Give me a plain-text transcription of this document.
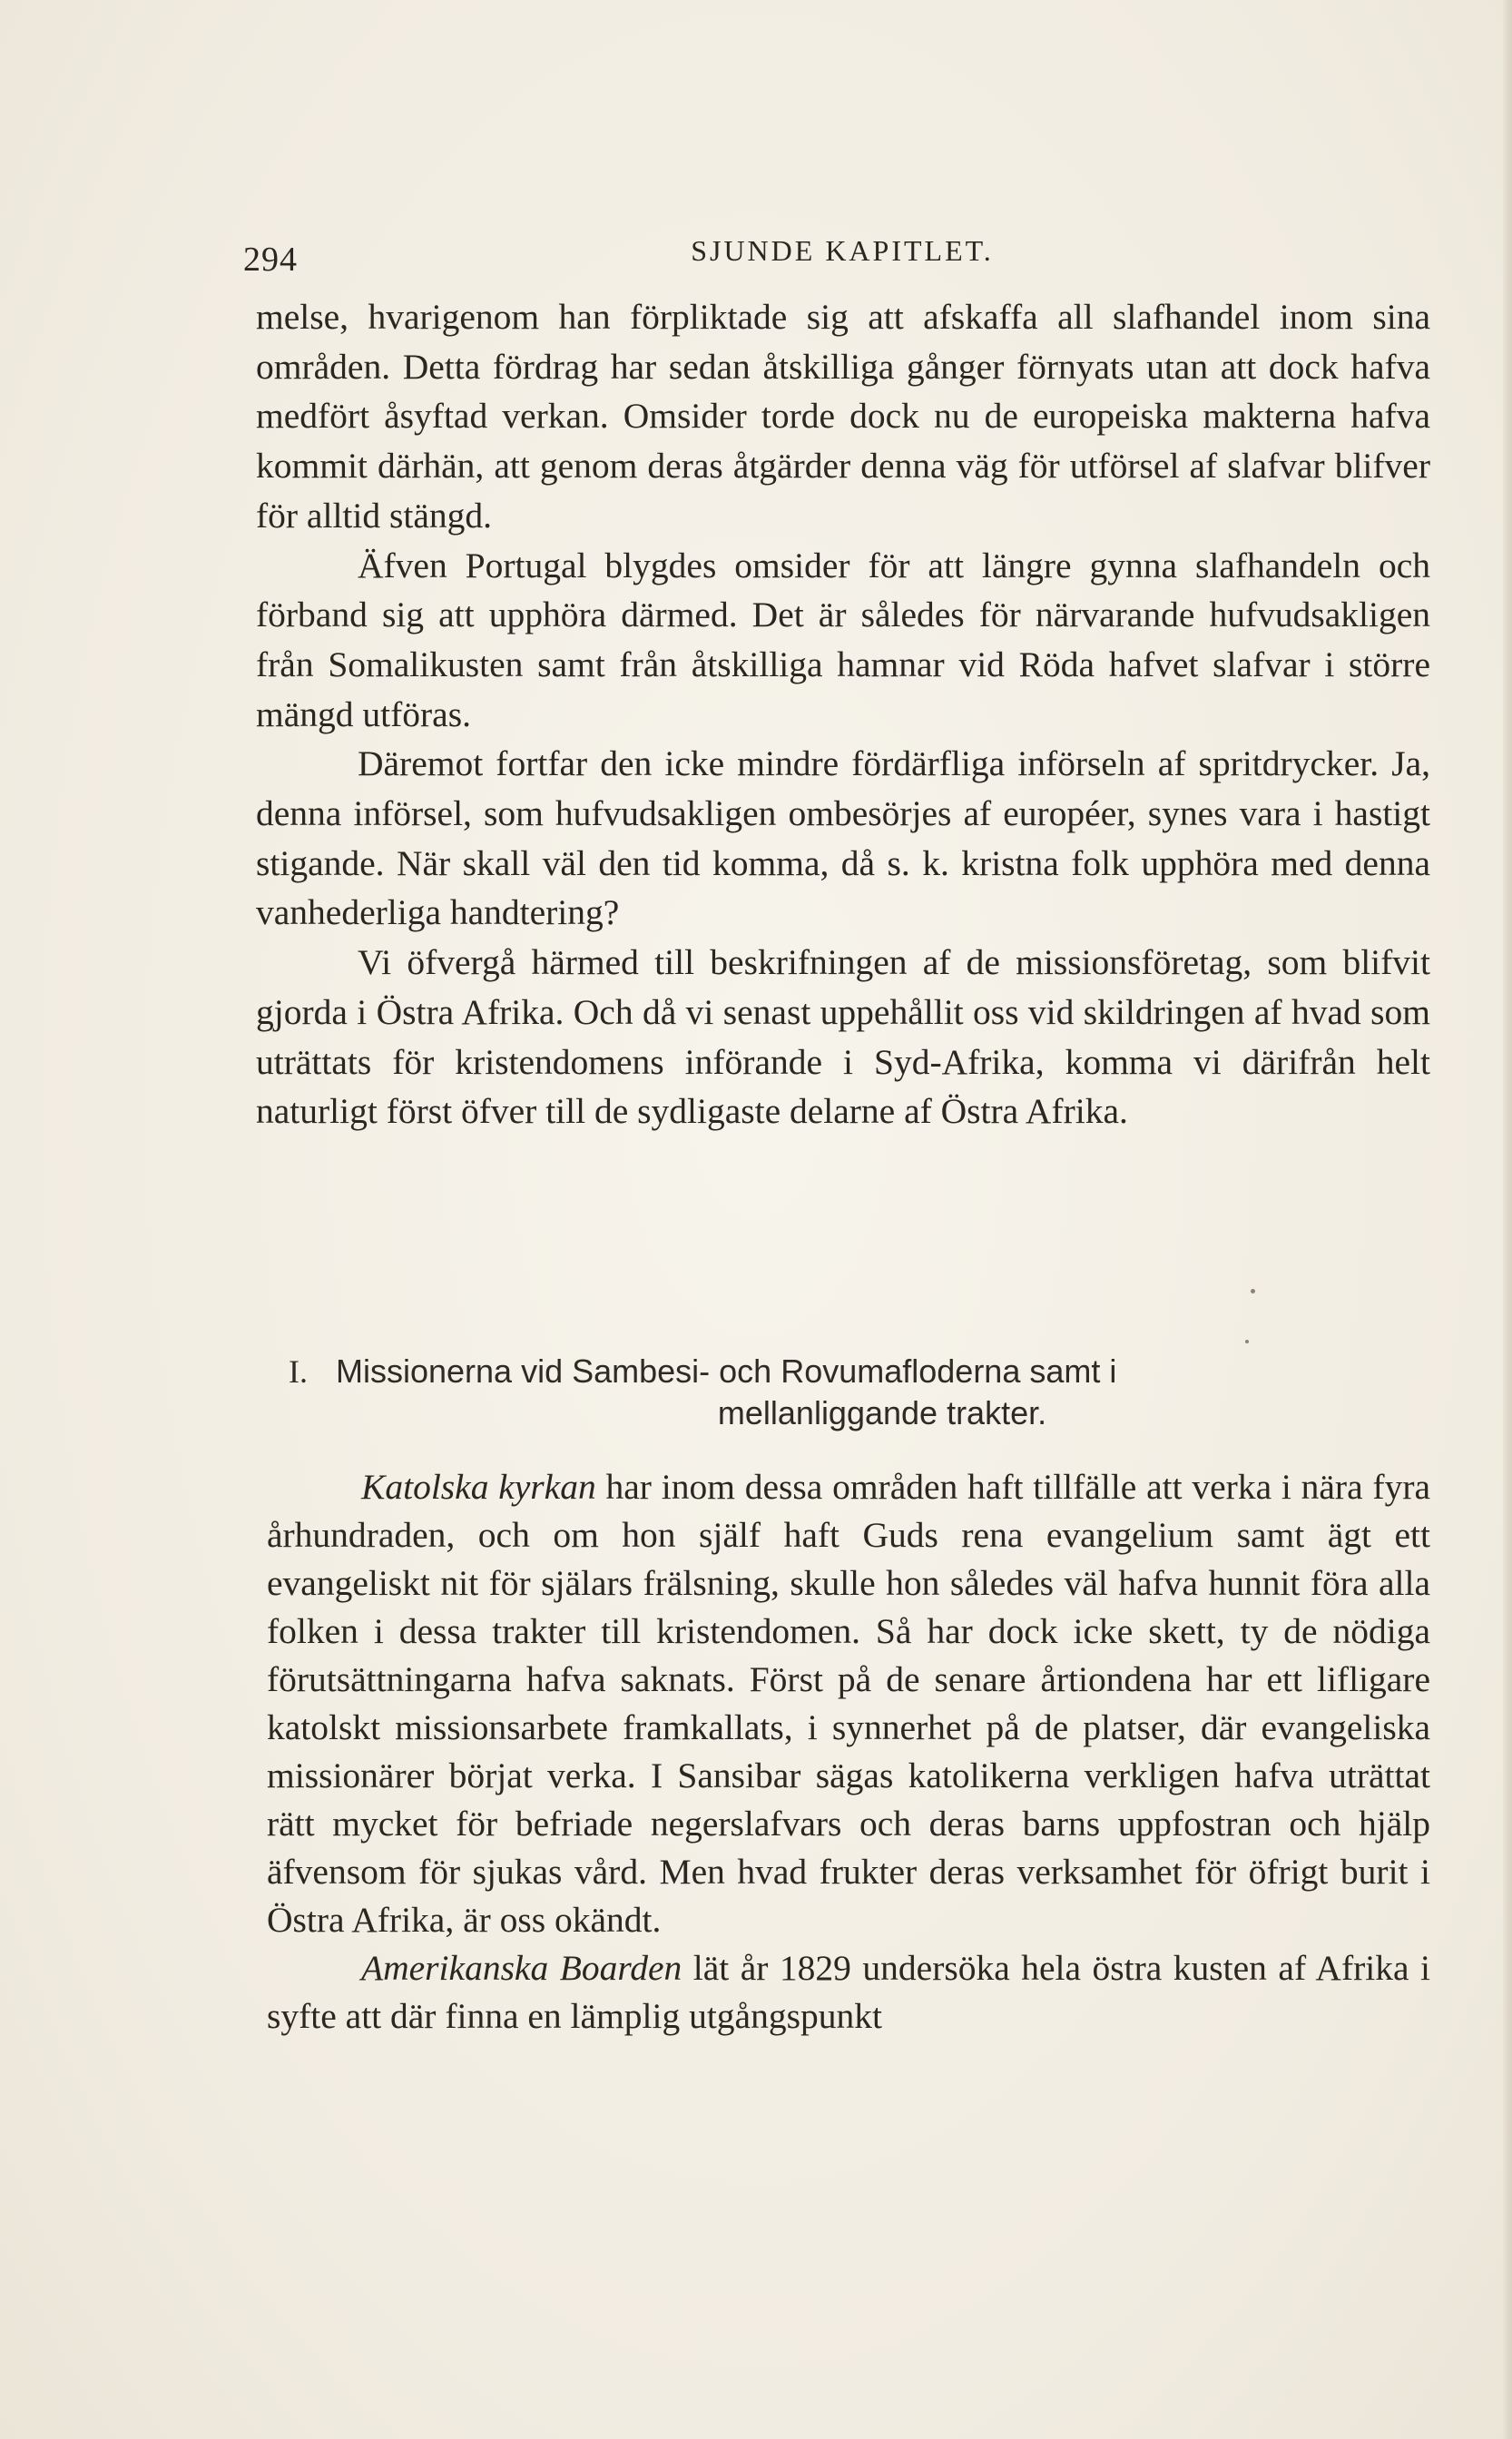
294	SJUNDE KAPITLET.

melse, hvarigenom han förpliktade sig att afskaffa all slafhandel inom sina områden. Detta fördrag har sedan åtskilliga gånger förnyats utan att dock hafva medfört åsyftad verkan. Omsider torde dock nu de europeiska makterna hafva kommit därhän, att genom deras åtgärder denna väg för utförsel af slafvar blifver för alltid stängd.

Äfven Portugal blygdes omsider för att längre gynna slafhandeln och förband sig att upphöra därmed. Det är således för närvarande hufvudsakligen från Somalikusten samt från åtskilliga hamnar vid Röda hafvet slafvar i större mängd utföras.

Däremot fortfar den icke mindre fördärfliga införseln af spritdrycker. Ja, denna införsel, som hufvudsakligen ombesörjes af européer, synes vara i hastigt stigande. När skall väl den tid komma, då s. k. kristna folk upphöra med denna vanhederliga handtering?

Vi öfvergå härmed till beskrifningen af de missionsföretag, som blifvit gjorda i Östra Afrika. Och då vi senast uppehållit oss vid skildringen af hvad som uträttats för kristendomens införande i Syd-Afrika, komma vi därifrån helt naturligt först öfver till de sydligaste delarne af Östra Afrika.

I. Missionerna vid Sambesi- och Rovumafloderna samt i
mellanliggande trakter.

Katolska kyrkan har inom dessa områden haft tillfälle att verka i nära fyra århundraden, och om hon själf haft Guds rena evangelium samt ägt ett evangeliskt nit för själars frälsning, skulle hon således väl hafva hunnit föra alla folken i dessa trakter till kristendomen. Så har dock icke skett, ty de nödiga förutsättningarna hafva saknats. Först på de senare årtiondena har ett lifligare katolskt missionsarbete framkallats, i synnerhet på de platser, där evangeliska missionärer börjat verka. I Sansibar sägas katolikerna verkligen hafva uträttat rätt mycket för befriade negerslafvars och deras barns uppfostran och hjälp äfvensom för sjukas vård. Men hvad frukter deras verksamhet för öfrigt burit i Östra Afrika, är oss okändt.

Amerikanska Boarden lät år 1829 undersöka hela östra kusten af Afrika i syfte att där finna en lämplig utgångspunkt
